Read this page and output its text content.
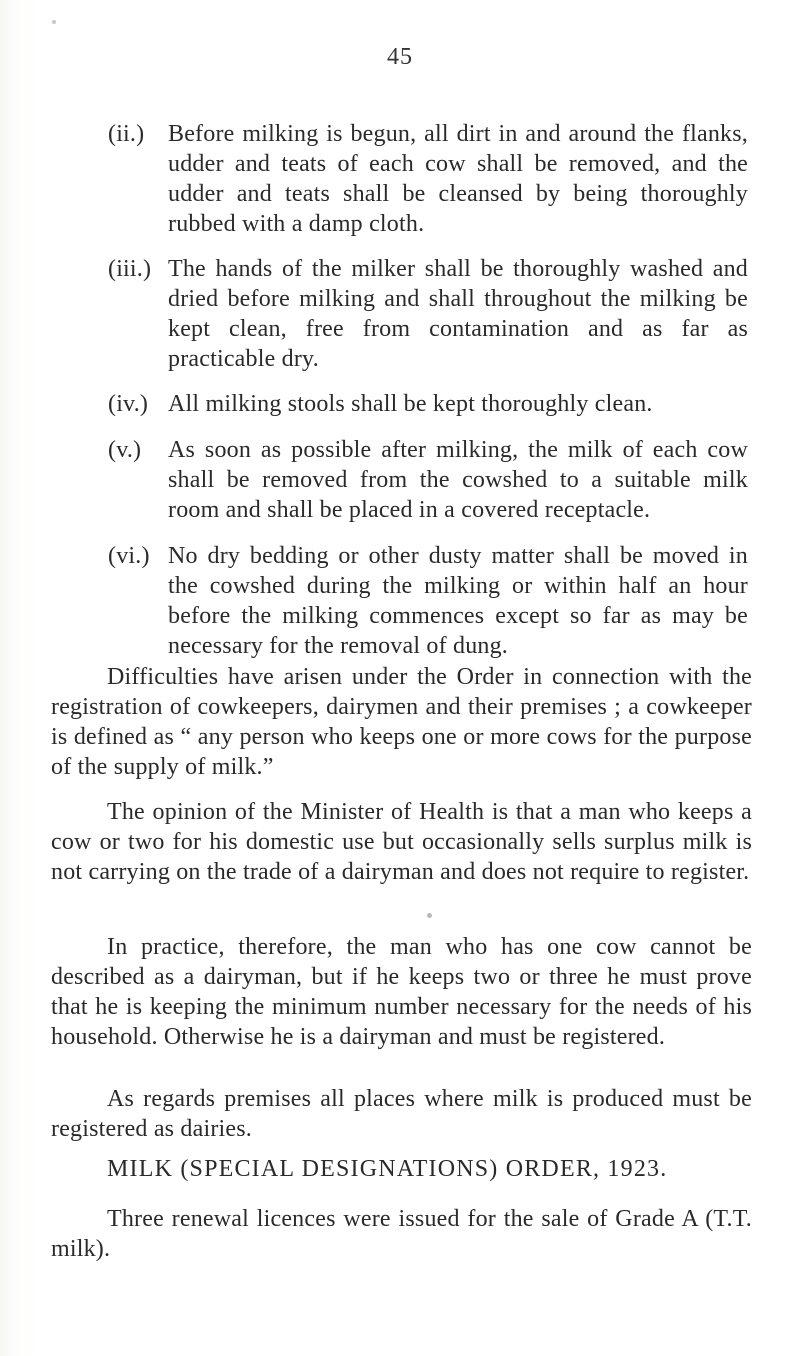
45
(ii.) Before milking is begun, all dirt in and around the flanks, udder and teats of each cow shall be removed, and the udder and teats shall be cleansed by being thoroughly rubbed with a damp cloth.
(iii.) The hands of the milker shall be thoroughly washed and dried before milking and shall throughout the milking be kept clean, free from contamination and as far as practicable dry.
(iv.) All milking stools shall be kept thoroughly clean.
(v.)	As soon as possible after milking, the milk of each cow shall be removed from the cowshed to a suitable milk room and shall be placed in a covered receptacle.
(vi.) No dry bedding or other dusty matter shall be moved in the cowshed during the milking or within half an hour before the milking commences except so far as may be necessary for the removal of dung.

Difficulties have arisen under the Order in connection with the registration of cowkeepers, dairymen and their premises ; a cowkeeper is defined as “ any person who keeps one or more cows for the purpose of the supply of milk.”

The opinion of the Minister of Health is that a man who keeps a cow or two for his domestic use but occasionally sells surplus milk is not carrying on the trade of a dairyman and does not require to register.

In practice, therefore, the man who has one cow cannot be described as a dairyman, but if he keeps two or three he must prove that he is keeping the minimum number necessary for the needs of his household. Otherwise he is a dairyman and must be registered.

As regards premises all places where milk is produced must be registered as dairies.

MILK (SPECIAL DESIGNATIONS) ORDER, 1923.

Three renewal licences were issued for the sale of Grade A (T.T. milk).
